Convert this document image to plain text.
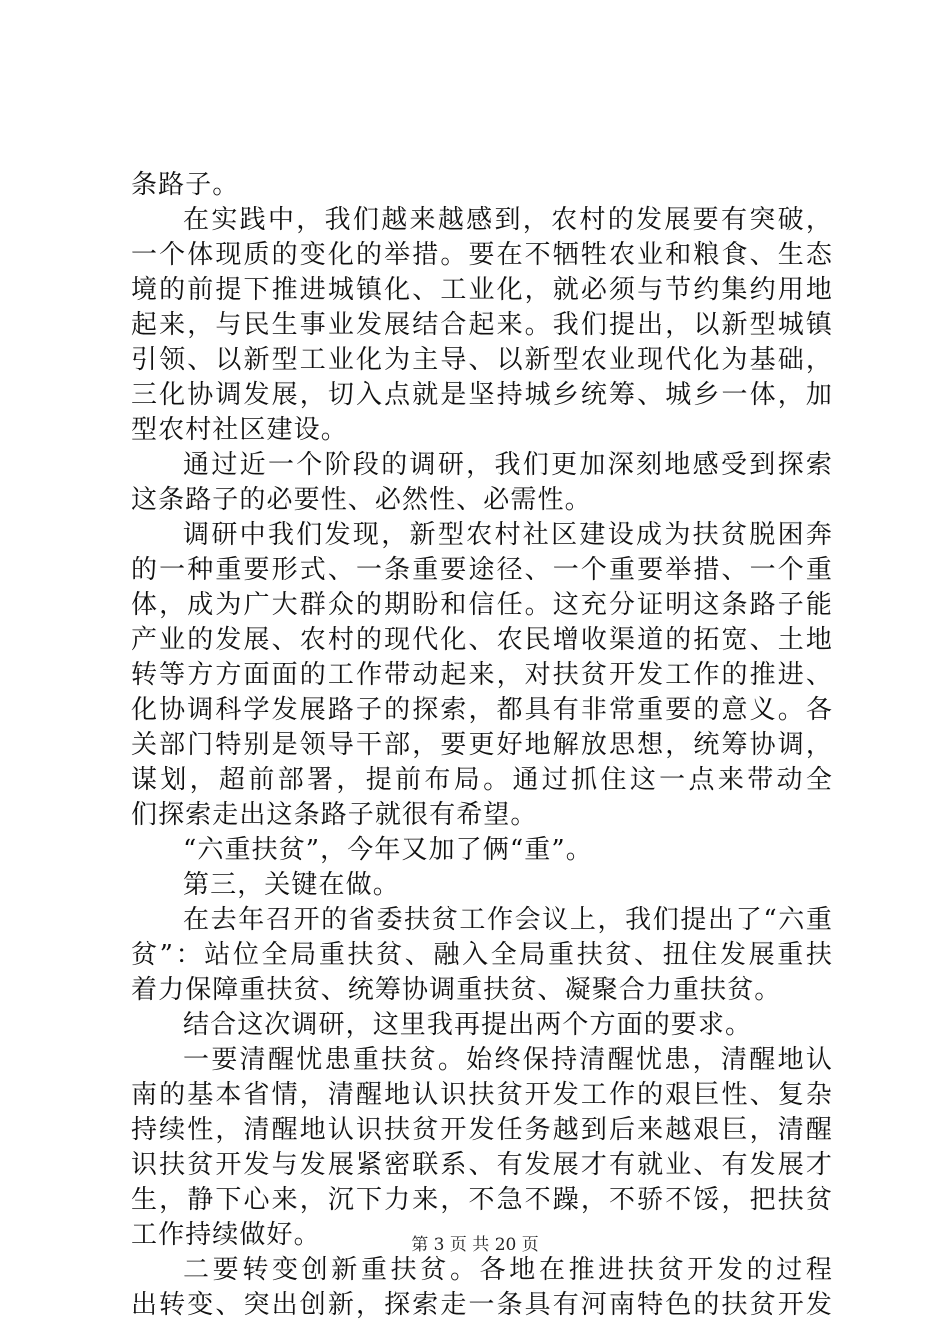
条路子。
在实践中，我们越来越感到，农村的发展要有突破，
一个体现质的变化的举措。要在不牺牲农业和粮食、生态
境的前提下推进城镇化、工业化，就必须与节约集约用地
起来，与民生事业发展结合起来。我们提出，以新型城镇
引领、以新型工业化为主导、以新型农业现代化为基础，
三化协调发展，切入点就是坚持城乡统筹、城乡一体，加
型农村社区建设。
通过近一个阶段的调研，我们更加深刻地感受到探索
这条路子的必要性、必然性、必需性。
调研中我们发现，新型农村社区建设成为扶贫脱困奔
的一种重要形式、一条重要途径、一个重要举措、一个重
体，成为广大群众的期盼和信任。这充分证明这条路子能
产业的发展、农村的现代化、农民增收渠道的拓宽、土地
转等方方面面的工作带动起来，对扶贫开发工作的推进、
化协调科学发展路子的探索，都具有非常重要的意义。各
关部门特别是领导干部，要更好地解放思想，统筹协调，
谋划，超前部署，提前布局。通过抓住这一点来带动全
们探索走出这条路子就很有希望。
“六重扶贫”，今年又加了俩“重”。
第三，关键在做。
在去年召开的省委扶贫工作会议上，我们提出了“六重
贫”：站位全局重扶贫、融入全局重扶贫、扭住发展重扶
着力保障重扶贫、统筹协调重扶贫、凝聚合力重扶贫。
结合这次调研，这里我再提出两个方面的要求。
一要清醒忧患重扶贫。始终保持清醒忧患，清醒地认
南的基本省情，清醒地认识扶贫开发工作的艰巨性、复杂
持续性，清醒地认识扶贫开发任务越到后来越艰巨，清醒
识扶贫开发与发展紧密联系、有发展才有就业、有发展才
生，静下心来，沉下力来，不急不躁，不骄不馁，把扶贫
工作持续做好。
二要转变创新重扶贫。各地在推进扶贫开发的过程
出转变、突出创新，探索走一条具有河南特色的扶贫开发
第 3 页 共 20 页
